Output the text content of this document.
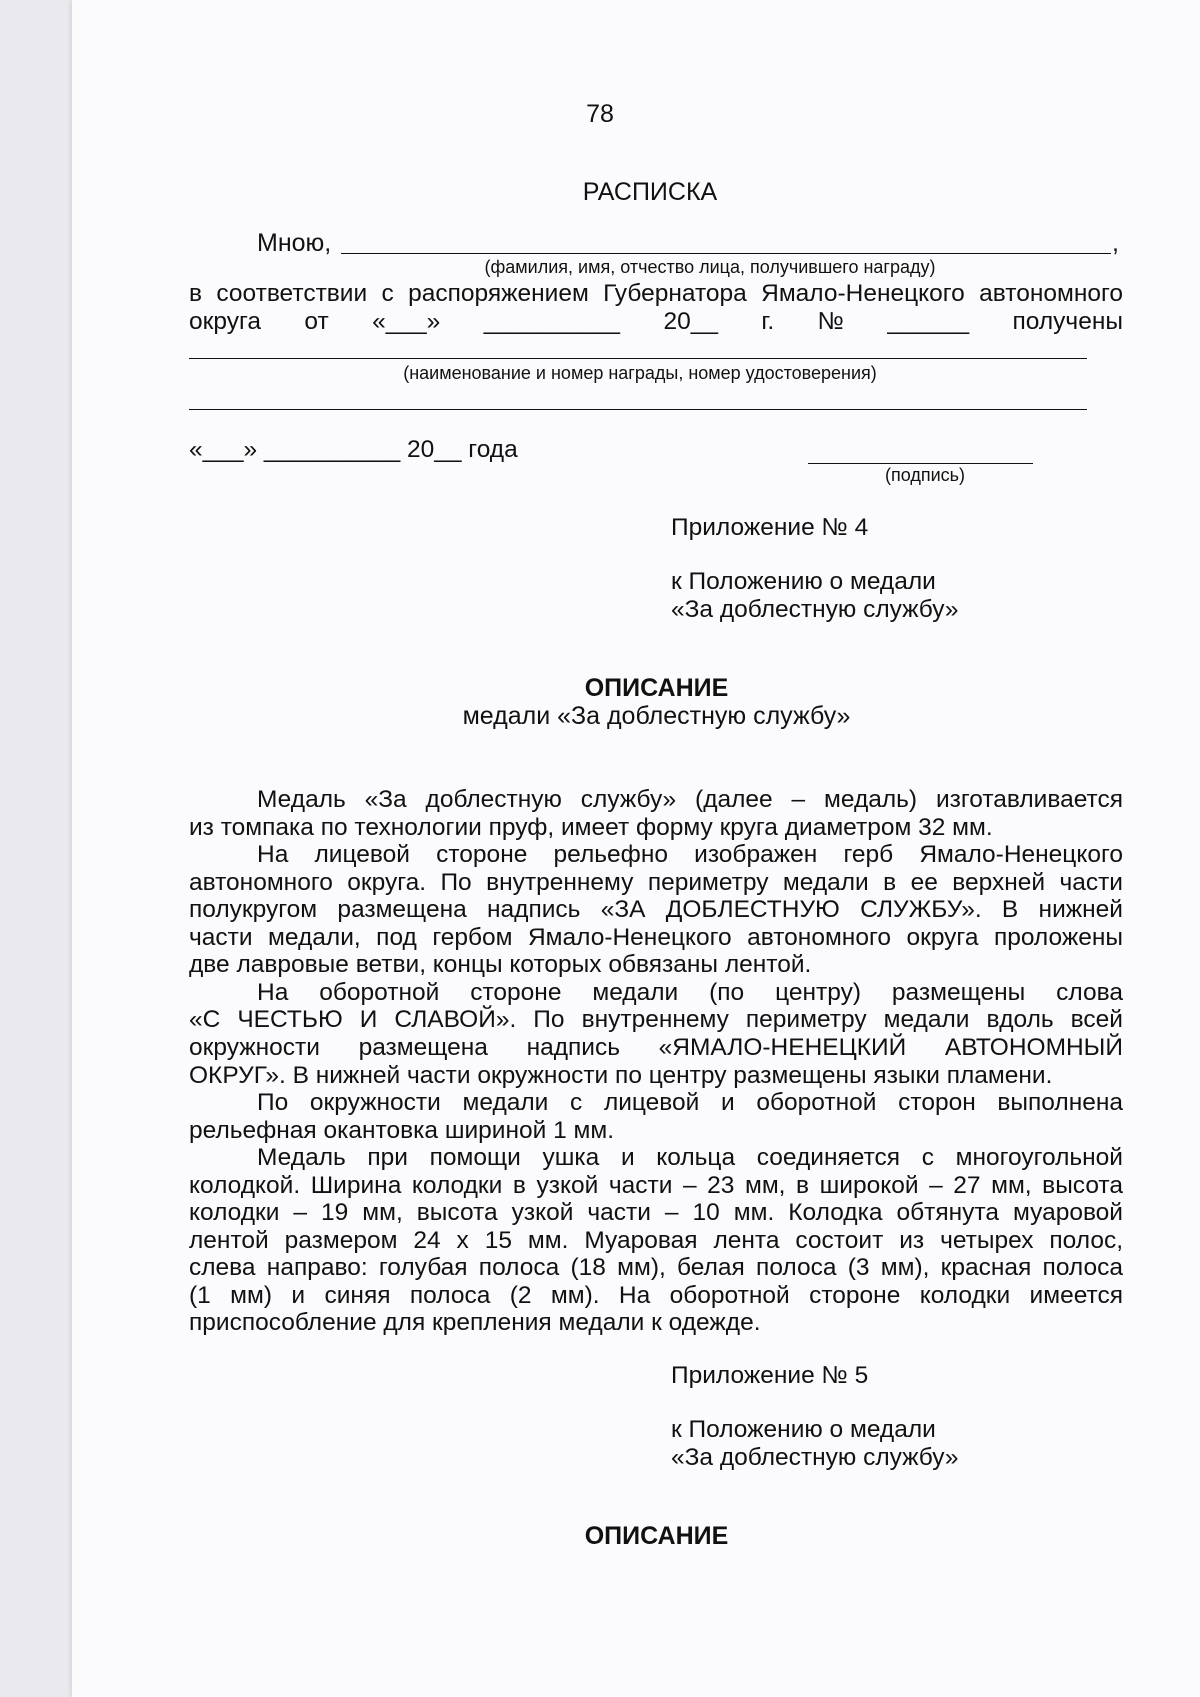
78
РАСПИСКА
Мною,	,
(фамилия, имя, отчество лица, получившего награду)
в соответствии с распоряжением Губернатора Ямало-Ненецкого автономного
округа от «___» __________ 20__ г. № ______ получены
(наименование и номер награды, номер удостоверения)
«___» __________ 20__ года
(подпись)
Приложение № 4
к Положению о медали
«За доблестную службу»
ОПИСАНИЕ
медали «За доблестную службу»
Медаль «За доблестную службу» (далее – медаль) изготавливается
из томпака по технологии пруф, имеет форму круга диаметром 32 мм.
На лицевой стороне рельефно изображен герб Ямало-Ненецкого
автономного округа. По внутреннему периметру медали в ее верхней части
полукругом размещена надпись «ЗА ДОБЛЕСТНУЮ СЛУЖБУ». В нижней
части медали, под гербом Ямало-Ненецкого автономного округа проложены
две лавровые ветви, концы которых обвязаны лентой.
На оборотной стороне медали (по центру) размещены слова
«С ЧЕСТЬЮ И СЛАВОЙ». По внутреннему периметру медали вдоль всей
окружности размещена надпись «ЯМАЛО-НЕНЕЦКИЙ АВТОНОМНЫЙ
ОКРУГ». В нижней части окружности по центру размещены языки пламени.
По окружности медали с лицевой и оборотной сторон выполнена
рельефная окантовка шириной 1 мм.
Медаль при помощи ушка и кольца соединяется с многоугольной
колодкой. Ширина колодки в узкой части – 23 мм, в широкой – 27 мм, высота
колодки – 19 мм, высота узкой части – 10 мм. Колодка обтянута муаровой
лентой размером 24 х 15 мм. Муаровая лента состоит из четырех полос,
слева направо: голубая полоса (18 мм), белая полоса (3 мм), красная полоса
(1 мм) и синяя полоса (2 мм). На оборотной стороне колодки имеется
приспособление для крепления медали к одежде.
Приложение № 5
к Положению о медали
«За доблестную службу»
ОПИСАНИЕ
